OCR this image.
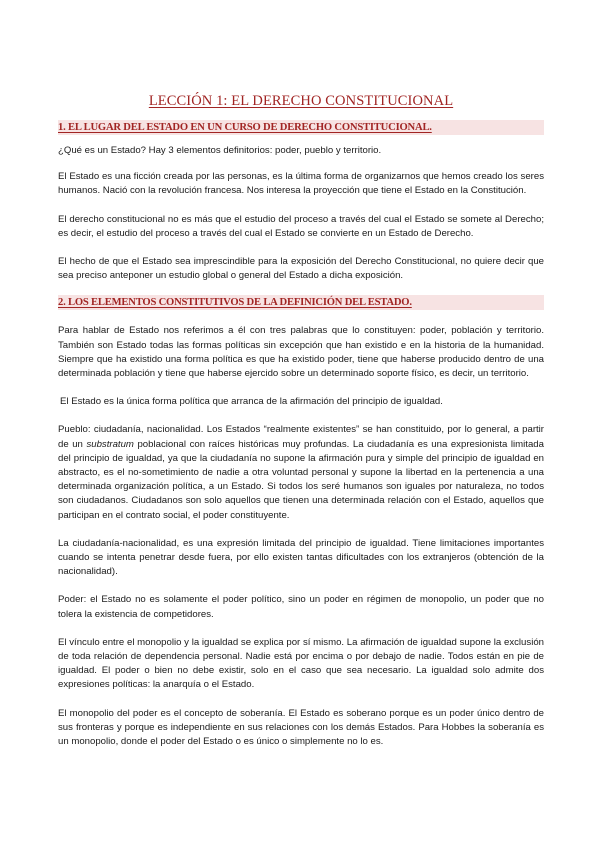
LECCIÓN 1: EL DERECHO CONSTITUCIONAL
1. EL LUGAR DEL ESTADO EN UN CURSO DE DERECHO CONSTITUCIONAL.

¿Qué es un Estado? Hay 3 elementos definitorios: poder, pueblo y territorio.

El Estado es una ficción creada por las personas, es la última forma de organizarnos que hemos creado los seres humanos. Nació con la revolución francesa. Nos interesa la proyección que tiene el Estado en la Constitución.

El derecho constitucional no es más que el estudio del proceso a través del cual el Estado se somete al Derecho; es decir, el estudio del proceso a través del cual el Estado se convierte en un Estado de Derecho.

El hecho de que el Estado sea imprescindible para la exposición del Derecho Constitucional, no quiere decir que sea preciso anteponer un estudio global o general del Estado a dicha exposición.

2. LOS ELEMENTOS CONSTITUTIVOS DE LA DEFINICIÓN DEL ESTADO.

Para hablar de Estado nos referimos a él con tres palabras que lo constituyen: poder, población y territorio. También son Estado todas las formas políticas sin excepción que han existido e en la historia de la humanidad. Siempre que ha existido una forma política es que ha existido poder, tiene que haberse producido dentro de una determinada población y tiene que haberse ejercido sobre un determinado soporte físico, es decir, un territorio.

El Estado es la única forma política que arranca de la afirmación del principio de igualdad.

Pueblo: ciudadanía, nacionalidad. Los Estados “realmente existentes” se han constituido, por lo general, a partir de un substratum poblacional con raíces históricas muy profundas. La ciudadanía es una expresionista limitada del principio de igualdad, ya que la ciudadanía no supone la afirmación pura y simple del principio de igualdad en abstracto, es el no-sometimiento de nadie a otra voluntad personal y supone la libertad en la pertenencia a una determinada organización política, a un Estado. Si todos los seré humanos son iguales por naturaleza, no todos son ciudadanos. Ciudadanos son solo aquellos que tienen una determinada relación con el Estado, aquellos que participan en el contrato social, el poder constituyente.

La ciudadanía-nacionalidad, es una expresión limitada del principio de igualdad. Tiene limitaciones importantes cuando se intenta penetrar desde fuera, por ello existen tantas dificultades con los extranjeros (obtención de la nacionalidad).

Poder: el Estado no es solamente el poder político, sino un poder en régimen de monopolio, un poder que no tolera la existencia de competidores.

El vínculo entre el monopolio y la igualdad se explica por sí mismo. La afirmación de igualdad supone la exclusión de toda relación de dependencia personal. Nadie está por encima o por debajo de nadie. Todos están en pie de igualdad. El poder o bien no debe existir, solo en el caso que sea necesario. La igualdad solo admite dos expresiones políticas: la anarquía o el Estado.

El monopolio del poder es el concepto de soberanía. El Estado es soberano porque es un poder único dentro de sus fronteras y porque es independiente en sus relaciones con los demás Estados. Para Hobbes la soberanía es un monopolio, donde el poder del Estado o es único o simplemente no lo es.
